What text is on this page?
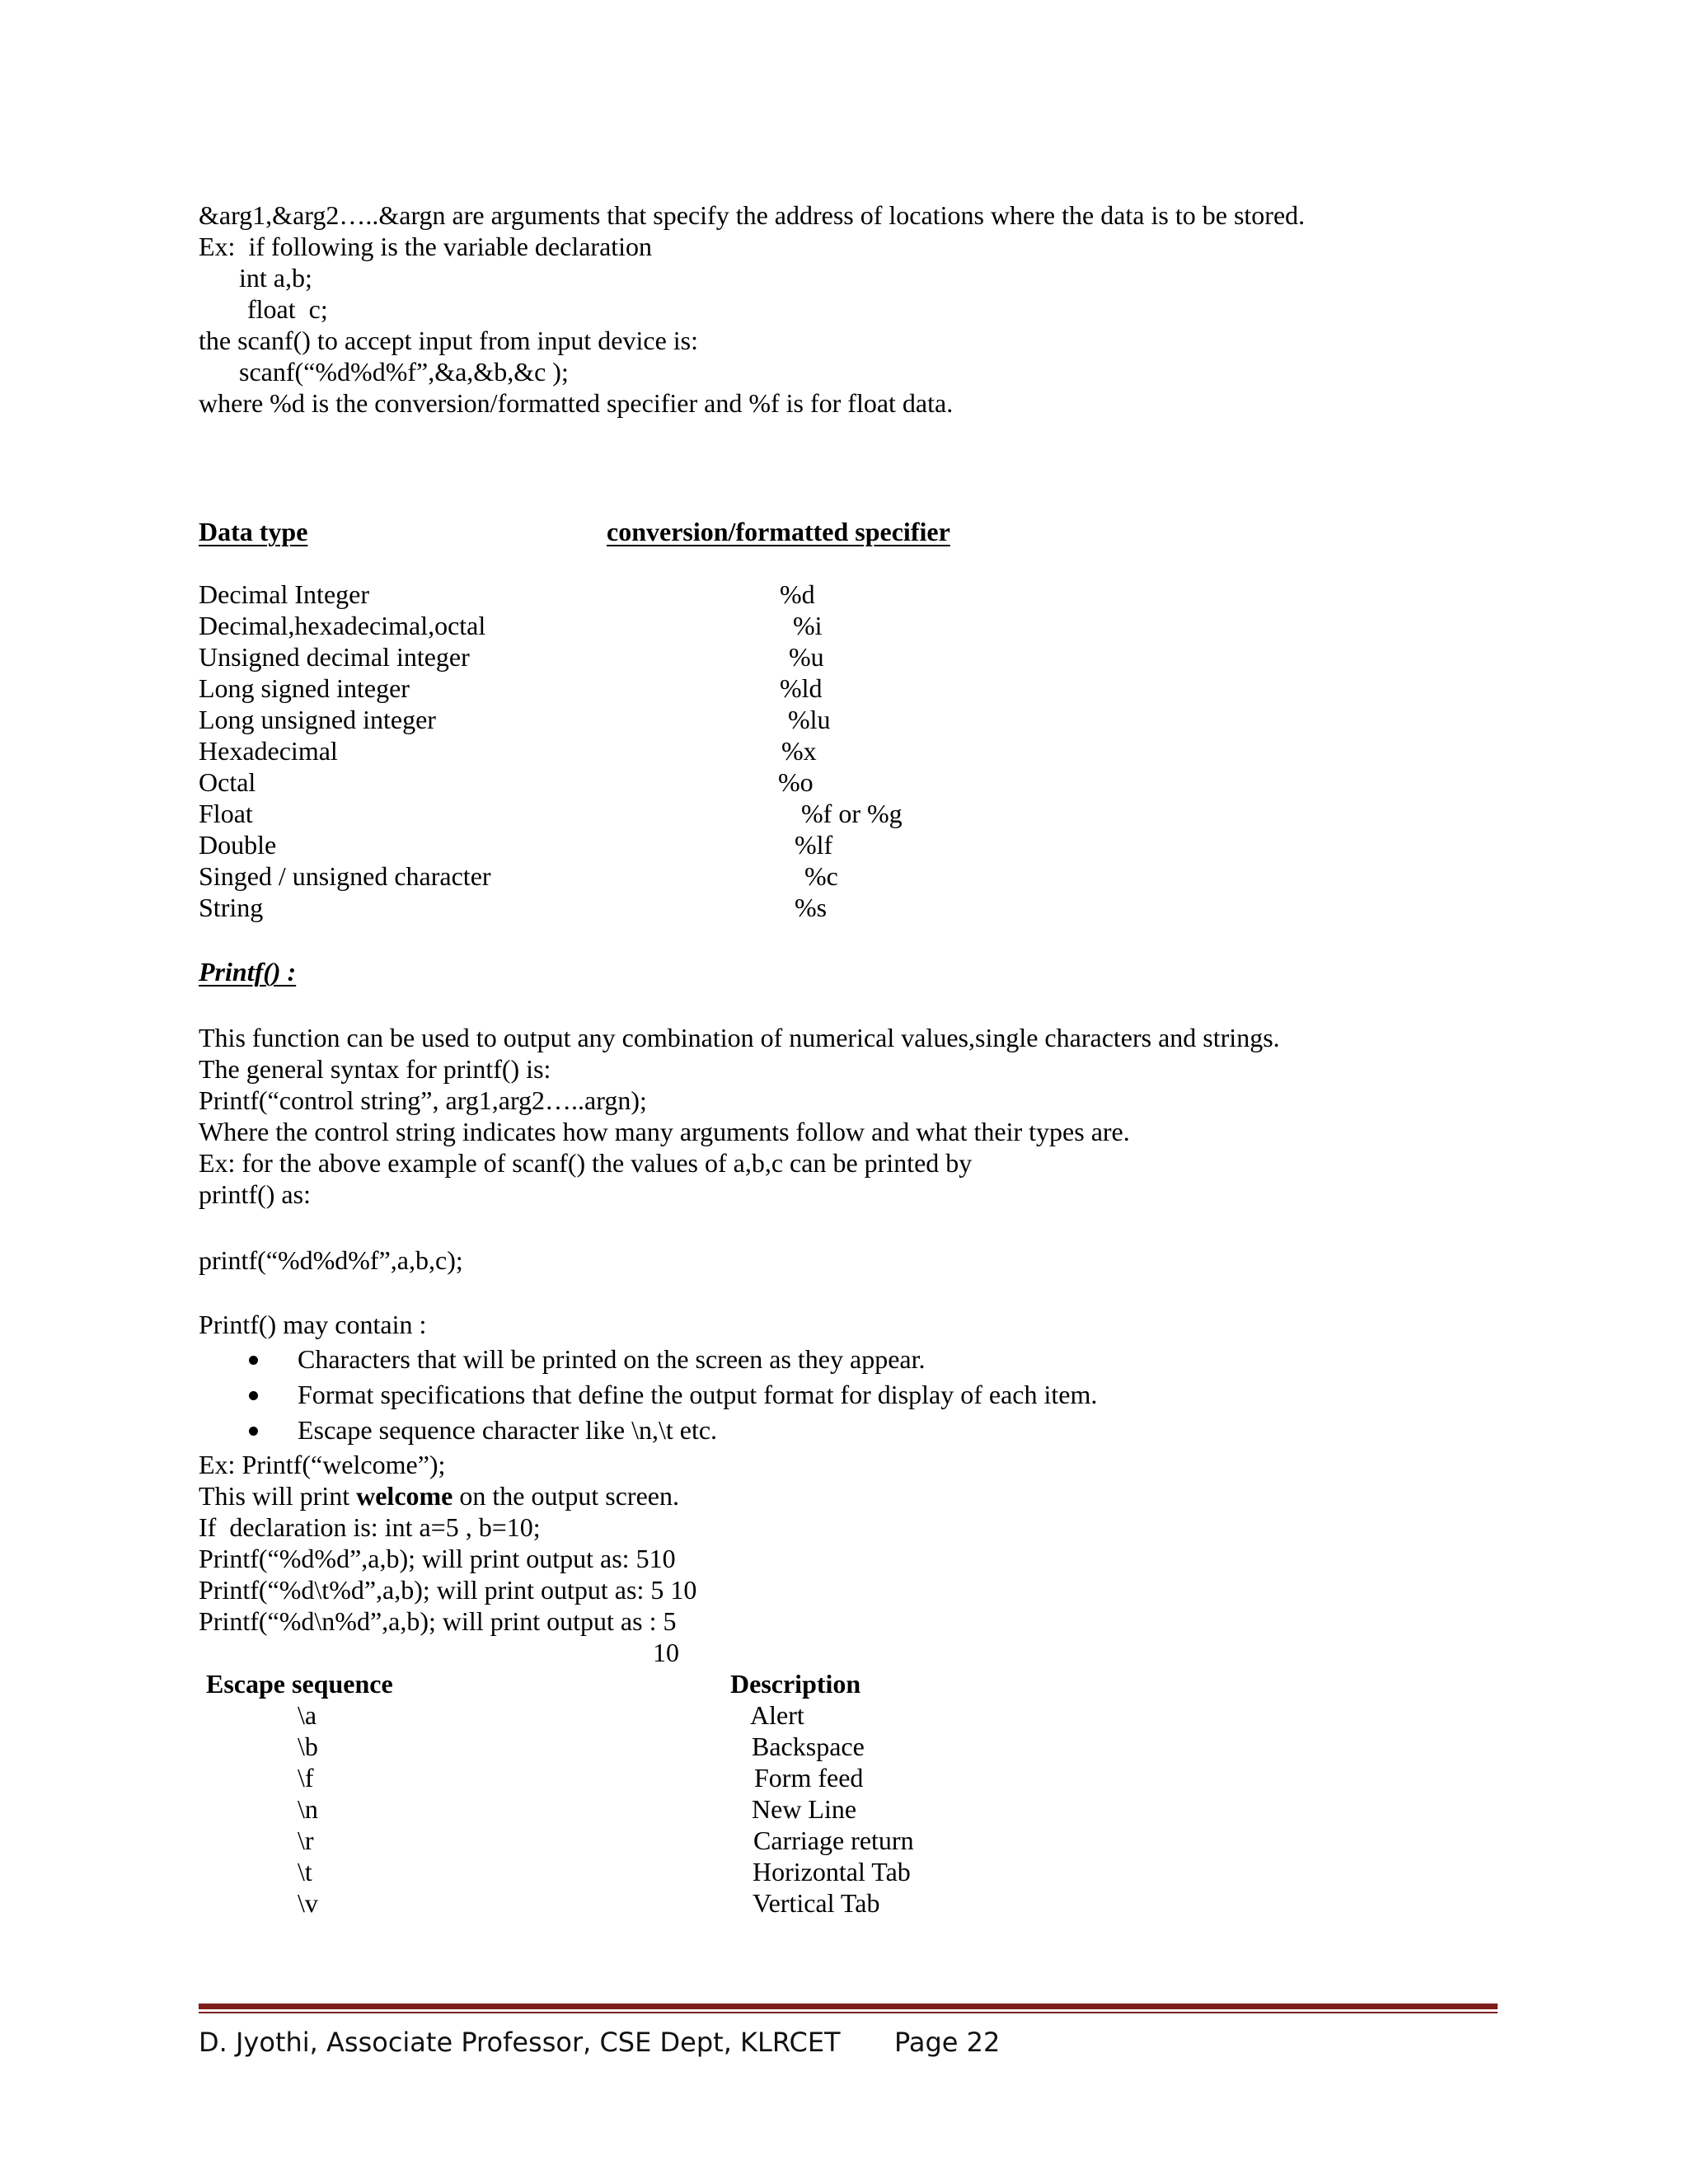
&arg1,&arg2…..&argn are arguments that specify the address of locations where the data is to be stored.
Ex:  if following is the variable declaration
int a,b;
float  c;
the scanf() to accept input from input device is:
scanf(“%d%d%f”,&a,&b,&c );
where %d is the conversion/formatted specifier and %f is for float data.
Data type	conversion/formatted specifier
Decimal Integer	%d
Decimal,hexadecimal,octal	%i
Unsigned decimal integer	%u
Long signed integer	%ld
Long unsigned integer	%lu
Hexadecimal	%x
Octal	%o
Float	%f or %g
Double	%lf
Singed / unsigned character	%c
String	%s
Printf() :
This function can be used to output any combination of numerical values,single characters and strings.
The general syntax for printf() is:
Printf(“control string”, arg1,arg2…..argn);
Where the control string indicates how many arguments follow and what their types are.
Ex: for the above example of scanf() the values of a,b,c can be printed by
printf() as:
printf(“%d%d%f”,a,b,c);
Printf() may contain :
Characters that will be printed on the screen as they appear.
Format specifications that define the output format for display of each item.
Escape sequence character like \n,\t etc.
Ex: Printf(“welcome”);
This will print welcome on the output screen.
If  declaration is: int a=5 , b=10;
Printf(“%d%d”,a,b); will print output as: 510
Printf(“%d\t%d”,a,b); will print output as: 5 10
Printf(“%d\n%d”,a,b); will print output as : 5
10
Escape sequence	Description
\a	Alert
\b	Backspace
\f	Form feed
\n	New Line
\r	Carriage return
\t	Horizontal Tab
\v	Vertical Tab
D. Jyothi, Associate Professor, CSE Dept, KLRCET Page 22
